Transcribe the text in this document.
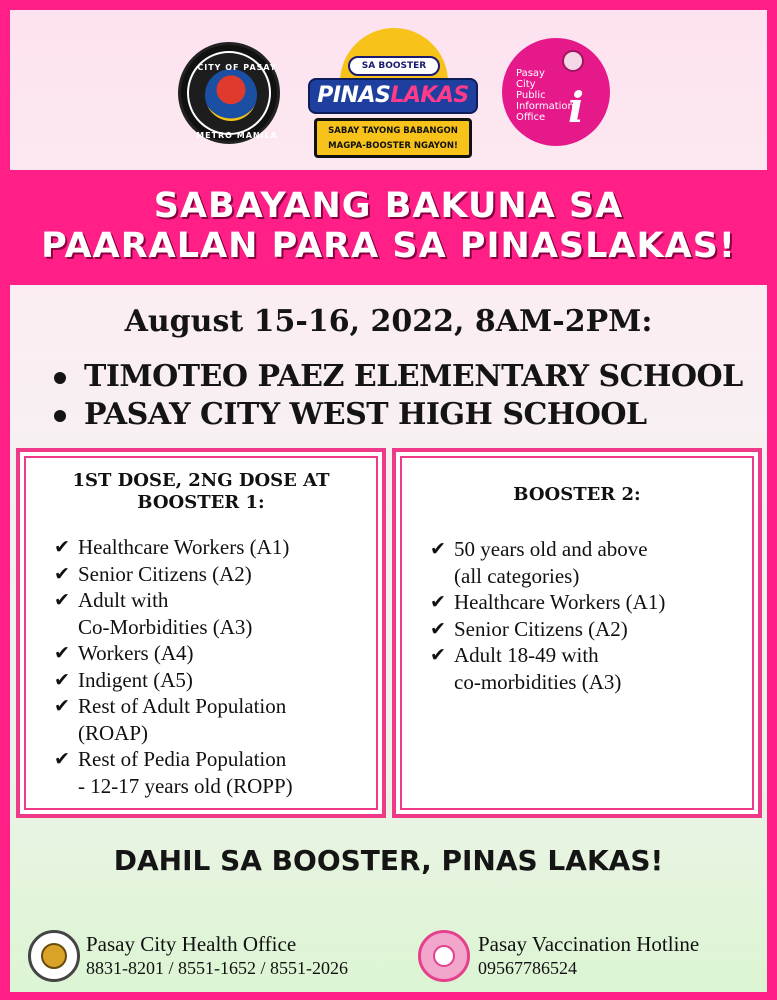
CITY OF PASAY
METRO MANILA
SA BOOSTER
PINASLAKAS
SABAY TAYONG BABANGON
MAGPA-BOOSTER NGAYON!
Pasay
City
Public
Information
Office i
SABAYANG BAKUNA SA
PAARALAN PARA SA PINASLAKAS!
August 15-16, 2022, 8AM-2PM:
TIMOTEO PAEZ ELEMENTARY SCHOOL
PASAY CITY WEST HIGH SCHOOL
1ST DOSE, 2NG DOSE AT
BOOSTER 1:
✔ Healthcare Workers (A1)
✔ Senior Citizens (A2)
✔ Adult with
Co-Morbidities (A3)
✔ Workers (A4)
✔ Indigent (A5)
✔ Rest of Adult Population
(ROAP)
✔ Rest of Pedia Population
- 12-17 years old (ROPP)
BOOSTER 2:
✔ 50 years old and above
(all categories)
✔ Healthcare Workers (A1)
✔ Senior Citizens (A2)
✔ Adult 18-49 with
co-morbidities (A3)
DAHIL SA BOOSTER, PINAS LAKAS!
Pasay City Health Office
8831-8201 / 8551-1652 / 8551-2026
Pasay Vaccination Hotline
09567786524
